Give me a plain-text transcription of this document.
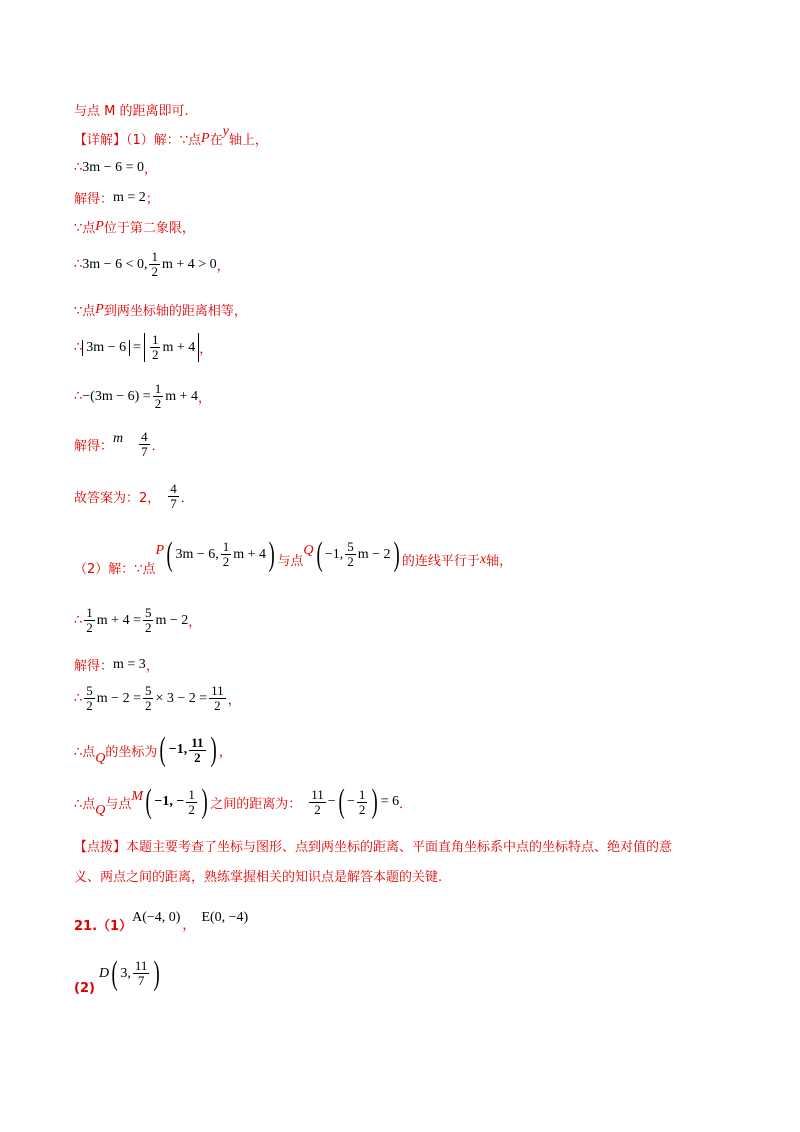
与点 M 的距离即可.
【详解】（1）解：∵点 P 在
y
轴上，
∴ 3m − 6 = 0 ，
解得： m = 2 ；
∵点 P 位于第二象限，
∴ 3m − 6 < 0, $\frac{1}{2}$ m + 4 > 0 ，
∵点 P 到两坐标轴的距离相等，
∴ $3m - 6 = \frac{1}{2}$ m + 4 ，
∴ $-(3m - 6) = \frac{1}{2}$ m + 4 ，
解得：
m $\frac{4}{7}$ ．
故答案为：2， $\frac{4}{7}$ ．
（2）解：∵点
P ( 3m − 6, $\frac{1}{2}$ m + 4 ) 与点
Q ( −1, $\frac{5}{2}$ m − 2 ) 的连线平行于 x 轴，
∴ $\frac{1}{2}$ $m + 4 = \frac{5}{2}$ m − 2 ，
解得： m = 3 ，
∴ $\frac{5}{2}$ $m - 2 = \frac{5}{2} \times 3 - 2 = \frac{11}{2}$ ，
∴点 Q 的坐标为 ( −1, $\frac{11}{2}$ ) ，
∴点 Q 与点 M ( −1, − $\frac{1}{2}$ ) 之间的距离为： $\frac{11}{2}$ − ( − $\frac{1}{2}$ ) = 6 ．
【点拨】本题主要考查了坐标与图形、点到两坐标的距离、平面直角坐标系中点的坐标特点、绝对值的意
义、两点之间的距离，熟练掌握相关的知识点是解答本题的关键.
21.（1）
A(−4, 0)
，
E(0, −4)
(2)
D ( 3, $\frac{11}{7}$ )
